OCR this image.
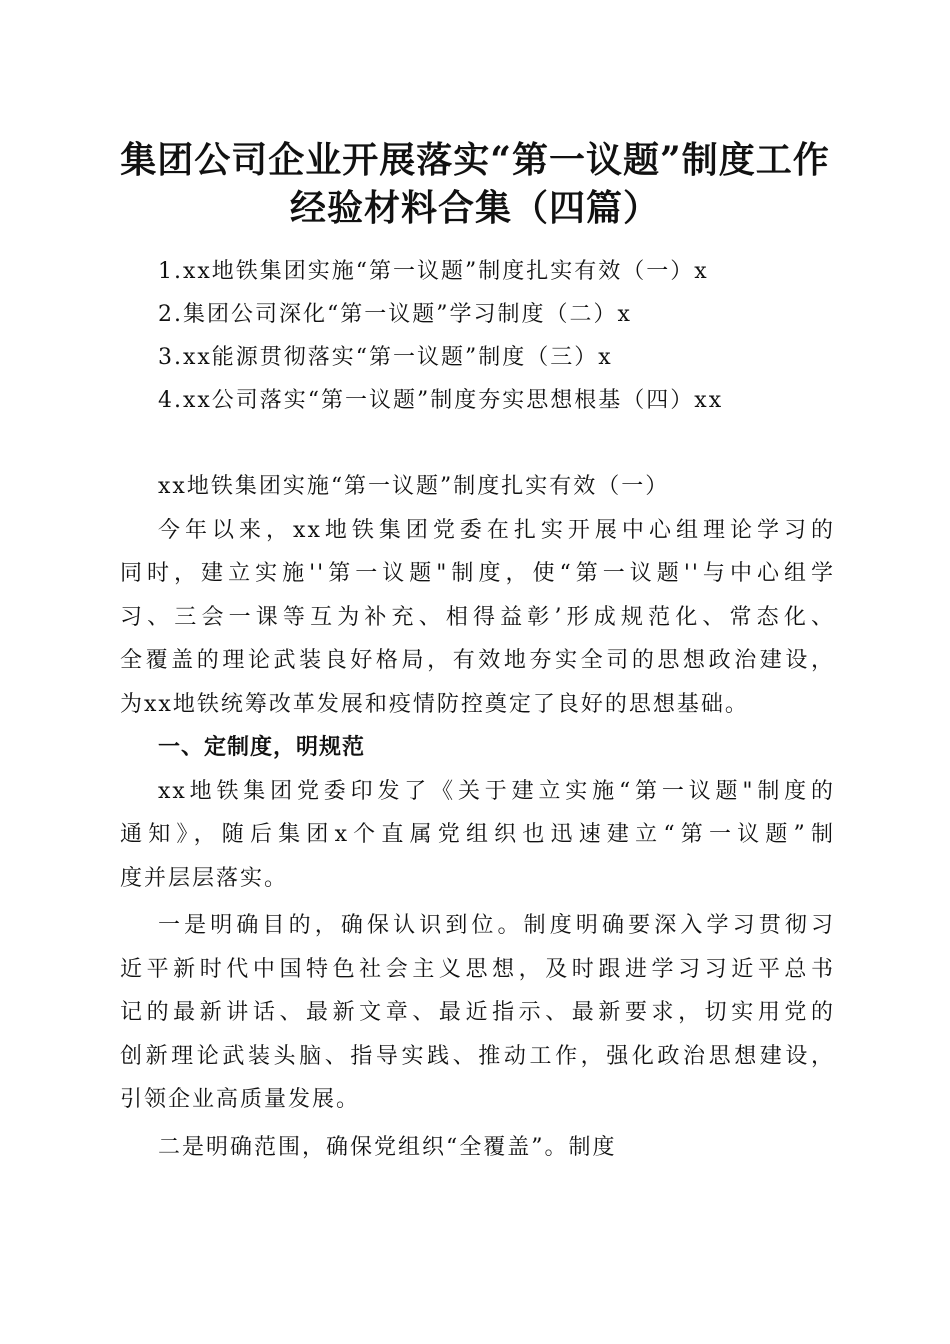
集团公司企业开展落实“第一议题”制度工作
经验材料合集（四篇）
1.xx地铁集团实施“第一议题”制度扎实有效（一）x
2.集团公司深化“第一议题”学习制度（二）x
3.xx能源贯彻落实“第一议题”制度（三）x
4.xx公司落实“第一议题”制度夯实思想根基（四）xx
xx地铁集团实施“第一议题”制度扎实有效（一）
今年以来，xx地铁集团党委在扎实开展中心组理论学习的
同时，建立实施''第一议题"制度，使“第一议题''与中心组学
习、三会一课等互为补充、相得益彰’形成规范化、常态化、
全覆盖的理论武装良好格局，有效地夯实全司的思想政治建设，
为xx地铁统筹改革发展和疫情防控奠定了良好的思想基础。
一、定制度，明规范
xx地铁集团党委印发了《关于建立实施“第一议题"制度的
通知》，随后集团x个直属党组织也迅速建立“第一议题”制
度并层层落实。
一是明确目的，确保认识到位。制度明确要深入学习贯彻习
近平新时代中国特色社会主义思想，及时跟进学习习近平总书
记的最新讲话、最新文章、最近指示、最新要求，切实用党的
创新理论武装头脑、指导实践、推动工作，强化政治思想建设，
引领企业高质量发展。
二是明确范围，确保党组织“全覆盖”。制度
